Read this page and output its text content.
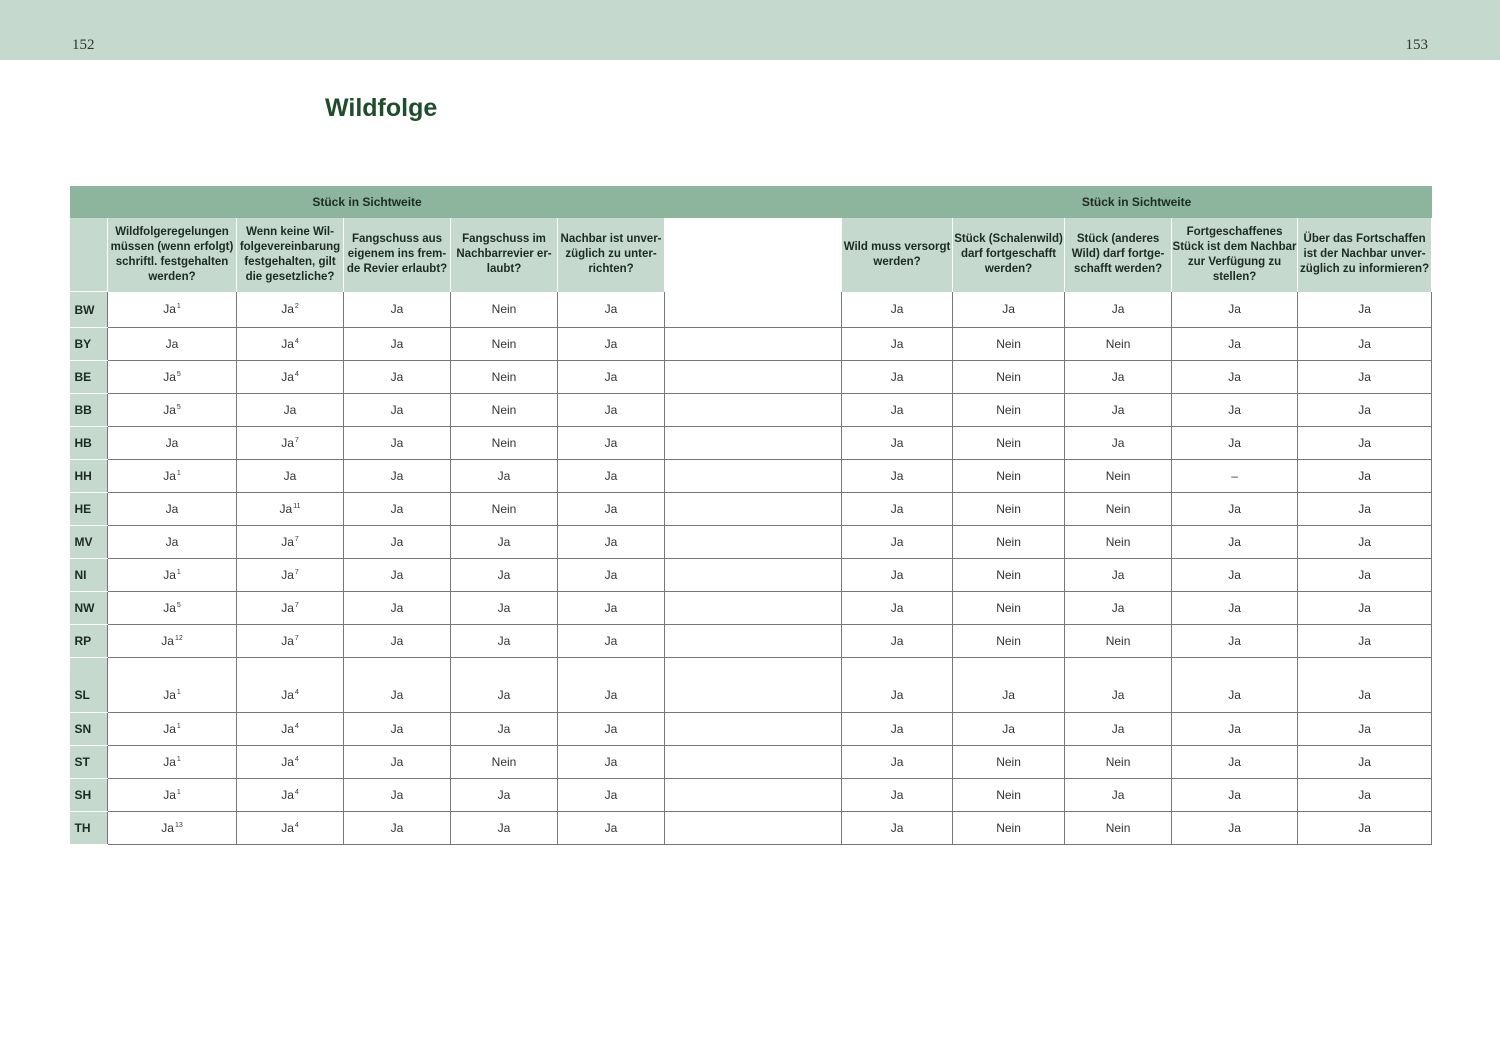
152	153
Wildfolge
Stück in Sichtweite							Stück in Sichtweite				
	Wildfolgeregelungen müssen (wenn erfolgt) schriftl. festgehalten werden?	Wenn keine Wil-folgevereinbarung festgehalten, gilt die gesetzliche?	Fangschuss aus eigenem ins frem-de Revier erlaubt?	Fangschuss im Nachbarrevier er-laubt?	Nachbar ist unver-züglich zu unter-richten?		Wild muss versorgt werden?	Stück (Schalenwild) darf fortgeschafft werden?	Stück (anderes Wild) darf fortge-schafft werden?	Fortgeschaffenes Stück ist dem Nachbar zur Verfügung zu stellen?	Über das Fortschaffen ist der Nachbar unver-züglich zu informieren?
BW	Ja$^1$	Ja$^2$	Ja	Nein	Ja		Ja	Ja	Ja	Ja	Ja
BY	Ja	Ja$^4$	Ja	Nein	Ja		Ja	Nein	Nein	Ja	Ja
BE	Ja$^5$	Ja$^4$	Ja	Nein	Ja		Ja	Nein	Ja	Ja	Ja
BB	Ja$^5$	Ja	Ja	Nein	Ja		Ja	Nein	Ja	Ja	Ja
HB	Ja	Ja$^7$	Ja	Nein	Ja		Ja	Nein	Ja	Ja	Ja
HH	Ja$^1$	Ja	Ja	Ja	Ja		Ja	Nein	Nein	–	Ja
HE	Ja	Ja$^{11}$	Ja	Nein	Ja		Ja	Nein	Nein	Ja	Ja
MV	Ja	Ja$^7$	Ja	Ja	Ja		Ja	Nein	Nein	Ja	Ja
NI	Ja$^1$	Ja$^7$	Ja	Ja	Ja		Ja	Nein	Ja	Ja	Ja
NW	Ja$^5$	Ja$^7$	Ja	Ja	Ja		Ja	Nein	Ja	Ja	Ja
RP	Ja$^{12}$	Ja$^7$	Ja	Ja	Ja		Ja	Nein	Nein	Ja	Ja
SL	Ja$^1$	Ja$^4$	Ja	Ja	Ja		Ja	Ja	Ja	Ja	Ja
SN	Ja$^1$	Ja$^4$	Ja	Ja	Ja		Ja	Ja	Ja	Ja	Ja
ST	Ja$^1$	Ja$^4$	Ja	Nein	Ja		Ja	Nein	Nein	Ja	Ja
SH	Ja$^1$	Ja$^4$	Ja	Ja	Ja		Ja	Nein	Ja	Ja	Ja
TH	Ja$^{13}$	Ja$^4$	Ja	Ja	Ja		Ja	Nein	Nein	Ja	Ja
